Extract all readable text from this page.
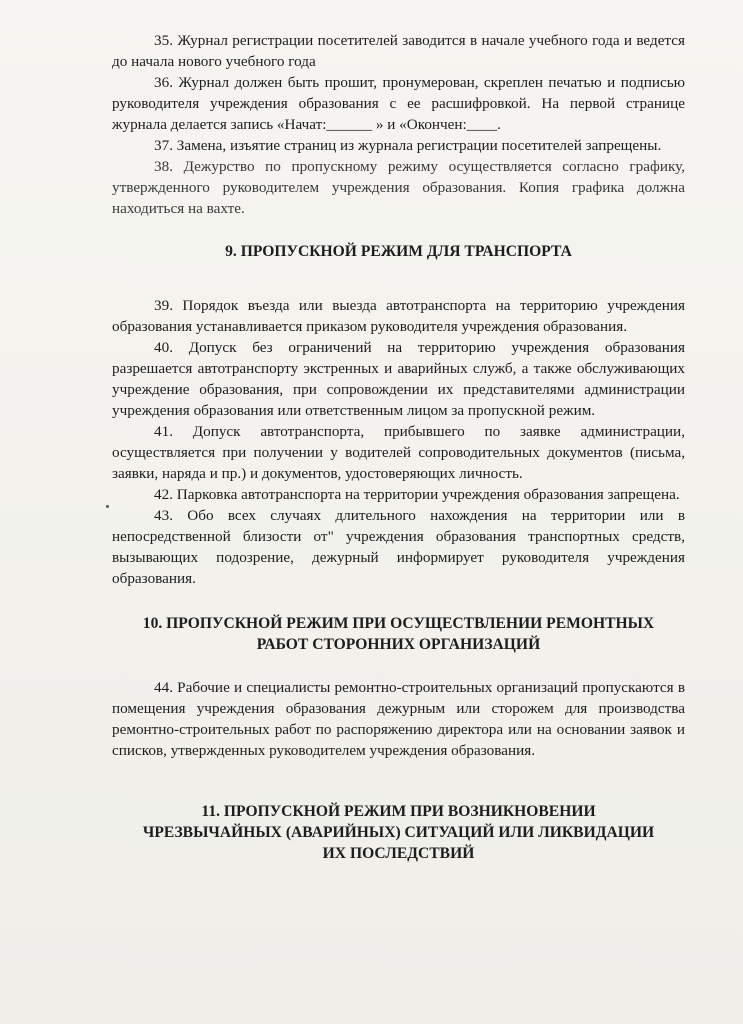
35. Журнал регистрации посетителей заводится в начале учебного года и ведется до начала нового учебного года

36. Журнал должен быть прошит, пронумерован, скреплен печатью и подписью руководителя учреждения образования с ее расшифровкой. На первой странице журнала делается запись «Начат:______ » и «Окончен:____.

37. Замена, изъятие страниц из журнала регистрации посетителей запрещены.

38. Дежурство по пропускному режиму осуществляется согласно графику, утвержденного руководителем учреждения образования. Копия графика должна находиться на вахте.

9. ПРОПУСКНОЙ РЕЖИМ ДЛЯ ТРАНСПОРТА

39. Порядок въезда или выезда автотранспорта на территорию учреждения образования устанавливается приказом руководителя учреждения образования.

40. Допуск без ограничений на территорию учреждения образования разрешается автотранспорту экстренных и аварийных служб, а также обслуживающих учреждение образования, при сопровождении их представителями администрации учреждения образования или ответственным лицом за пропускной режим.

41. Допуск автотранспорта, прибывшего по заявке администрации, осуществляется при получении у водителей сопроводительных документов (письма, заявки, наряда и пр.) и документов, удостоверяющих личность.

42. Парковка автотранспорта на территории учреждения образования запрещена.

43. Обо всех случаях длительного нахождения на территории или в непосредственной близости от" учреждения образования транспортных средств, вызывающих подозрение, дежурный информирует руководителя учреждения образования.

10. ПРОПУСКНОЙ РЕЖИМ ПРИ ОСУЩЕСТВЛЕНИИ РЕМОНТНЫХ

РАБОТ СТОРОННИХ ОРГАНИЗАЦИЙ

44. Рабочие и специалисты ремонтно-строительных организаций пропускаются в помещения учреждения образования дежурным или сторожем для производства ремонтно-строительных работ по распоряжению директора или на основании заявок и списков, утвержденных руководителем учреждения образования.

11. ПРОПУСКНОЙ РЕЖИМ ПРИ ВОЗНИКНОВЕНИИ

ЧРЕЗВЫЧАЙНЫХ (АВАРИЙНЫХ) СИТУАЦИЙ ИЛИ ЛИКВИДАЦИИ

ИХ ПОСЛЕДСТВИЙ
